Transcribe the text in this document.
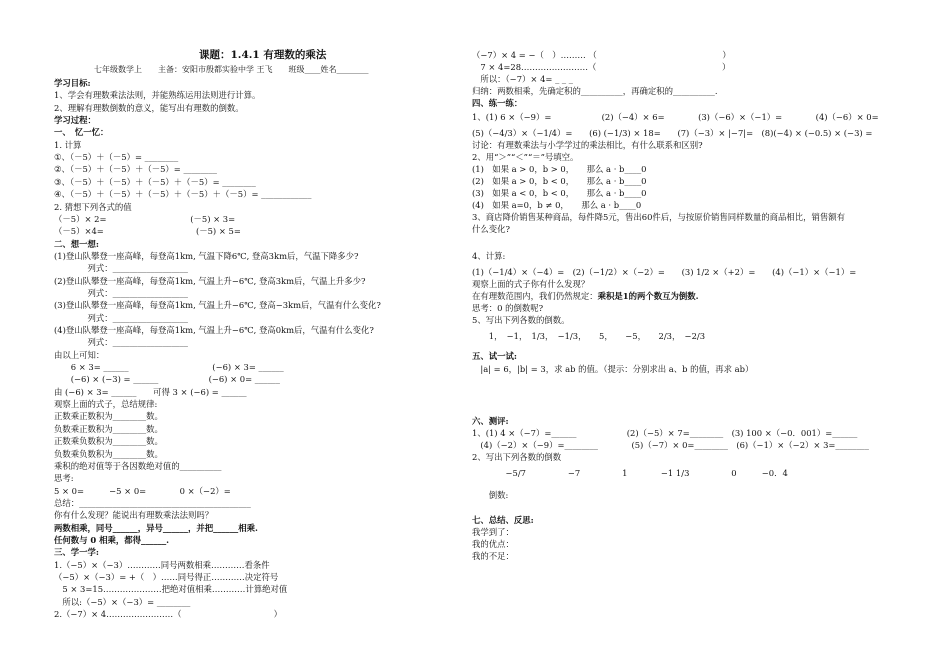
课题：1.4.1 有理数的乘法
七年级数学上　　主备：安阳市殷都实验中学 王飞　　班级____姓名________
学习目标:
1、学会有理数乘法法则，并能熟练运用法则进行计算。
2、理解有理数倒数的意义，能写出有理数的倒数。
学习过程：
一、　忆一忆：
1. 计算
①、（－5）＋（－5）= ________
②、（－5）＋（－5）＋（－5）= ________
③、（－5）＋（－5）＋（－5）＋（－5）= ________
④、（－5）＋（－5）＋（－5）＋（－5）＋（－5）= ____________
2. 猜想下列各式的值
（－5）× 2=　　　　　　　　　　(－5) × 3=
（－5）×4=　　　　　　　　　　　(－5) × 5=
二、想一想:
(1)登山队攀登一座高峰，每登高1km, 气温下降6℃, 登高3km后，气温下降多少?
　　　　列式：__________________
(2)登山队攀登一座高峰，每登高1km, 气温上升−6℃, 登高3km后，气温上升多少?
　　　　列式：__________________
(3)登山队攀登一座高峰，每登高1km, 气温上升−6℃, 登高−3km后，气温有什么变化?
　　　　列式：__________________
(4)登山队攀登一座高峰，每登高1km, 气温上升−6℃, 登高0km后，气温有什么变化?
　　　　列式：__________________
由以上可知：
　　6 × 3= ______　　　　　　　　　　(−6) × 3= ______
　　(−6) × (−3) = ______　　　　　　(−6) × 0= ______
由 (−6) × 3= ______　　可得 3 × (−6) = ______
观察上面的式子，总结规律:
正数乘正数积为________数。
负数乘正数积为________数。
正数乘负数积为________数。
负数乘负数积为________数。
乘积的绝对值等于各因数绝对值的__________
思考:
5 × 0=　　　−5 × 0=　　　　0 ×（−2）=
总结：_________________________________________
你有什么发现？能说出有理数乘法法则吗？
两数相乘，同号______，异号______，并把______相乘.
任何数与 0 相乘，都得______.
三、学一学:
1.（−5）×（−3）…………同号两数相乘…………看条件
（−5）×（−3）= +（　）……同号得正…………决定符号
　5 × 3=15…………………把绝对值相乘…………计算绝对值
　所以:（−5）×（−3）= ________
2.（−7）× 4……………………（　　　　　　　　　　　）
（−7）× 4 = −（　）……… （　　　　　　　　　　　　　　　）
　7 × 4=28……………………（　　　　　　　　　　　　　　　）
　所以：（−7）× 4= _ _ _
归纳：两数相乘，先确定积的__________，再确定积的__________.
四、练一练：
1、(1) 6 ×（−9）=　　　　　　(2)（−4）× 6=　　　　(3)（−6）×（−1）=　　　　(4)（−6）× 0=
(5)（−4/3）×（−1/4）=　　(6) (−1/3) × 18=　　(7)（−3）× |−7|=　(8)(−4) × (−0.5) × (−3) =
讨论：有理数乘法与小学学过的乘法相比，有什么联系和区别?
2、用“＞”“＜”“＝”号填空。
(1)　如果 a > 0，b > 0，　　那么 a · b____0
(2)　如果 a > 0，b < 0，　　那么 a · b____0
(3)　如果 a < 0，b < 0，　　那么 a · b____0
(4)　如果 a=0，b ≠ 0，　　那么 a · b____0
3、商店降价销售某种商品，每件降5元，售出60件后，与按原价销售同样数量的商品相比，销售额有
什么变化?
4、计算:
(1)（−1/4）×（−4）=　(2)（−1/2）×（−2）=　　(3) 1/2 ×（+2）=　　(4)（−1）×（−1）=
观察上面的式子你有什么发现？
在有理数范围内，我们仍然规定：乘积是1的两个数互为倒数.
思考：0 的倒数呢?
5、写出下列各数的倒数。
　　1，　−1，　1/3，　−1/3，　　5，　　−5，　　2/3，　−2/3
五、试一试:
　|a| = 6，|b| = 3，求 ab 的值。（提示：分别求出 a、b 的值，再求 ab）
六、测评:
1、(1) 4 ×（−7）=______　　　　　　(2)（−5）× 7=________　(3) 100 ×（−0．001）=______
　(4)（−2）×（−9）=________　　　　(5)（−7）× 0=________　(6)（−1）×（−2）× 3=________
2、写出下列各数的倒数
　　　　−5/7　　　　　−7　　　　　1　　　　−1 1/3　　　　　0　　　−0．4
　　倒数:
七、总结、反思:
我学到了：
我的优点：
我的不足：
